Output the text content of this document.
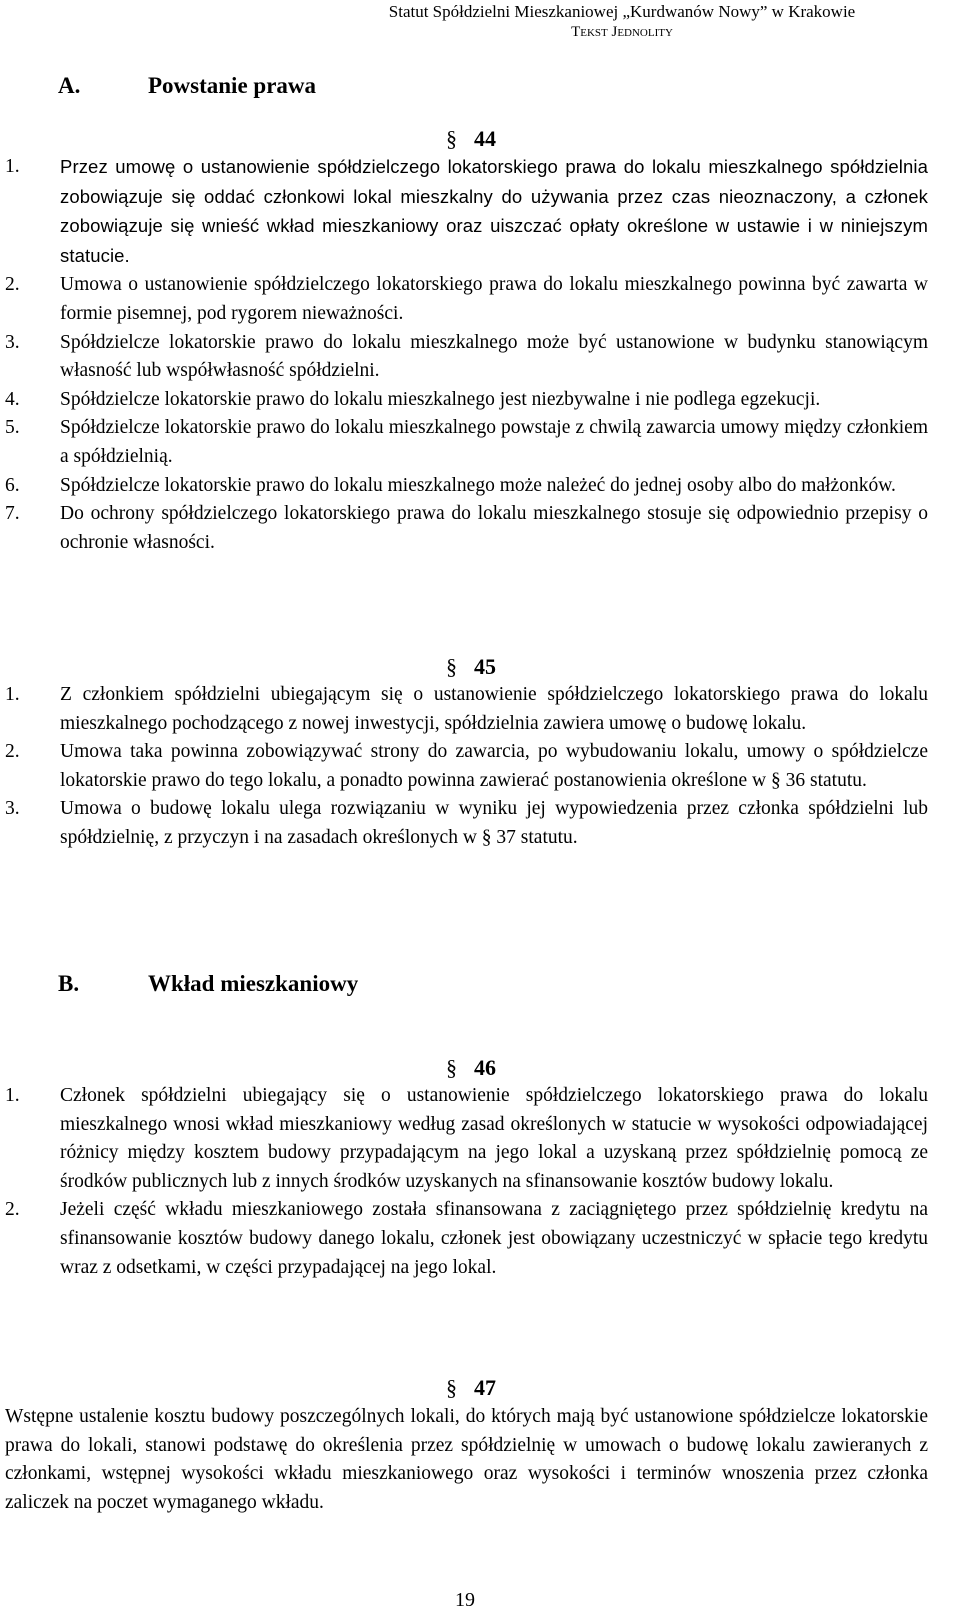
Statut Spółdzielni Mieszkaniowej „Kurdwanów Nowy” w Krakowie
Tekst Jednolity
A.	Powstanie prawa
§ 44
1. Przez umowę o ustanowienie spółdzielczego lokatorskiego prawa do lokalu mieszkalnego spółdzielnia zobowiązuje się oddać członkowi lokal mieszkalny do używania przez czas nieoznaczony, a członek zobowiązuje się wnieść wkład mieszkaniowy oraz uiszczać opłaty określone w ustawie i w niniejszym statucie.
2. Umowa o ustanowienie spółdzielczego lokatorskiego prawa do lokalu mieszkalnego powinna być zawarta w formie pisemnej, pod rygorem nieważności.
3. Spółdzielcze lokatorskie prawo do lokalu mieszkalnego może być ustanowione w budynku stanowiącym własność lub współwłasność spółdzielni.
4. Spółdzielcze lokatorskie prawo do lokalu mieszkalnego jest niezbywalne i nie podlega egzekucji.
5. Spółdzielcze lokatorskie prawo do lokalu mieszkalnego powstaje z chwilą zawarcia umowy między członkiem a spółdzielnią.
6. Spółdzielcze lokatorskie prawo do lokalu mieszkalnego może należeć do jednej osoby albo do małżonków.
7. Do ochrony spółdzielczego lokatorskiego prawa do lokalu mieszkalnego stosuje się odpowiednio przepisy o ochronie własności.
§ 45
1. Z członkiem spółdzielni ubiegającym się o ustanowienie spółdzielczego lokatorskiego prawa do lokalu mieszkalnego pochodzącego z nowej inwestycji, spółdzielnia zawiera umowę o budowę lokalu.
2. Umowa taka powinna zobowiązywać strony do zawarcia, po wybudowaniu lokalu, umowy o spółdzielcze lokatorskie prawo do tego lokalu, a ponadto powinna zawierać postanowienia określone w § 36 statutu.
3. Umowa o budowę lokalu ulega rozwiązaniu w wyniku jej wypowiedzenia przez członka spółdzielni lub spółdzielnię, z przyczyn i na zasadach określonych w § 37 statutu.
B.	Wkład mieszkaniowy
§ 46
1. Członek spółdzielni ubiegający się o ustanowienie spółdzielczego lokatorskiego prawa do lokalu mieszkalnego wnosi wkład mieszkaniowy według zasad określonych w statucie w wysokości odpowiadającej różnicy między kosztem budowy przypadającym na jego lokal a uzyskaną przez spółdzielnię pomocą ze środków publicznych lub z innych środków uzyskanych na sfinansowanie kosztów budowy lokalu.
2. Jeżeli część wkładu mieszkaniowego została sfinansowana z zaciągniętego przez spółdzielnię kredytu na sfinansowanie kosztów budowy danego lokalu, członek jest obowiązany uczestniczyć w spłacie tego kredytu wraz z odsetkami, w części przypadającej na jego lokal.
§ 47
Wstępne ustalenie kosztu budowy poszczególnych lokali, do których mają być ustanowione spółdzielcze lokatorskie prawa do lokali, stanowi podstawę do określenia przez spółdzielnię w umowach o budowę lokalu zawieranych z członkami, wstępnej wysokości wkładu mieszkaniowego oraz wysokości i terminów wnoszenia przez członka zaliczek na poczet wymaganego wkładu.
19
